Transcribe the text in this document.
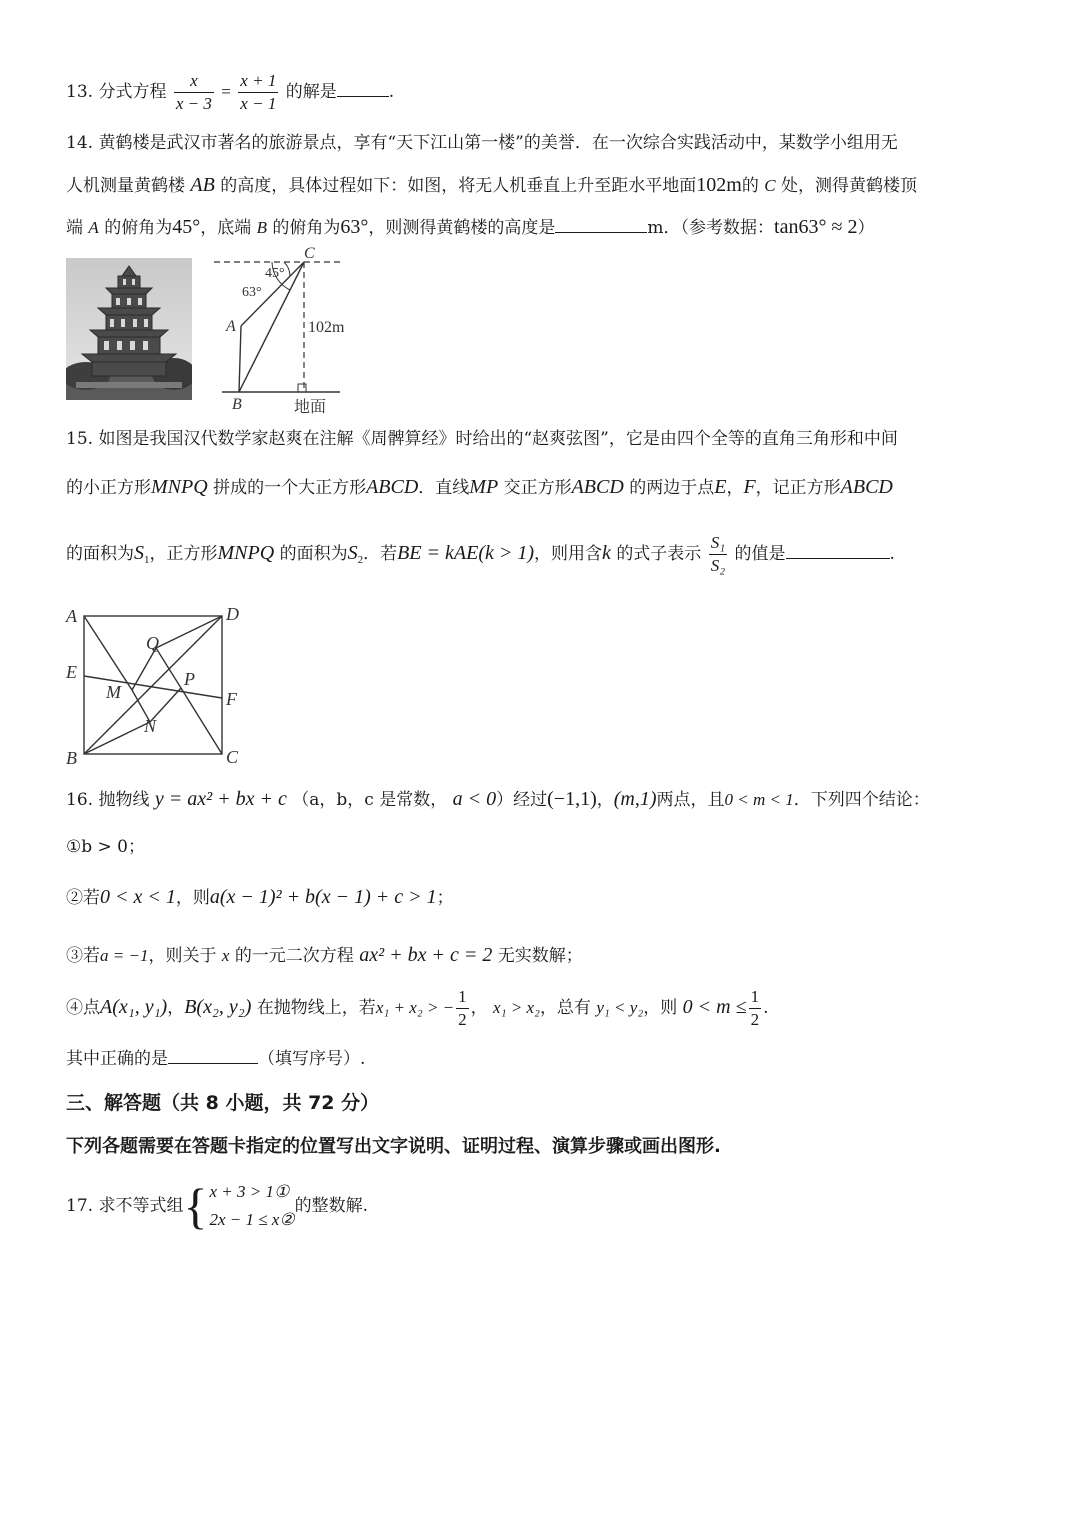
13. 分式方程 $\frac{x}{x - 3} = \frac{x + 1}{x - 1}$ 的解是	.
14. 黄鹤楼是武汉市著名的旅游景点，享有“天下江山第一楼”的美誉．在一次综合实践活动中，某数学小组用无
人机测量黄鹤楼 AB 的高度，具体过程如下：如图，将无人机垂直上升至距水平地面102m的 C 处，测得黄鹤楼顶
端 A 的俯角为45°，底端 B 的俯角为63°，则测得黄鹤楼的高度是	m．（参考数据：tan63° ≈ 2）
C
45°
63°
A	102m
B	地面
15. 如图是我国汉代数学家赵爽在注解《周髀算经》时给出的“赵爽弦图”，它是由四个全等的直角三角形和中间
的小正方形MNPQ 拼成的一个大正方形ABCD．直线MP 交正方形ABCD 的两边于点E，F，记正方形ABCD
的面积为$S_1$，正方形MNPQ 的面积为$S_2$．若BE = kAE(k > 1)，则用含k 的式子表示 $\frac{\text{S₁}}{\text{S₂}}$ 的值是	.
A	D
E
F
B	C
Q
M
P
N
16. 抛物线 y = ax² + bx + c （a，b，c 是常数， a < 0）经过(−1,1)，(m,1)两点，且0 < m < 1．下列四个结论：
①b > 0；
②若0 < x < 1，则a(x − 1)² + b(x − 1) + c > 1；
③若a = −1，则关于 x 的一元二次方程 ax² + bx + c = 2 无实数解；
④点A(x₁, y₁)，B(x₂, y₂) 在抛物线上，若x₁ + x₂ > − $\frac{1}{2}$ ， x₁ > x₂，总有 y₁ < y₂，则 $0 < m \le \frac{1}{2}$ .
其中正确的是	（填写序号）.
三、解答题（共 8 小题，共 72 分）
下列各题需要在答题卡指定的位置写出文字说明、证明过程、演算步骤或画出图形.
17. 求不等式组{ x + 3 > 1①
2x − 1 ≤ x②
的整数解.
